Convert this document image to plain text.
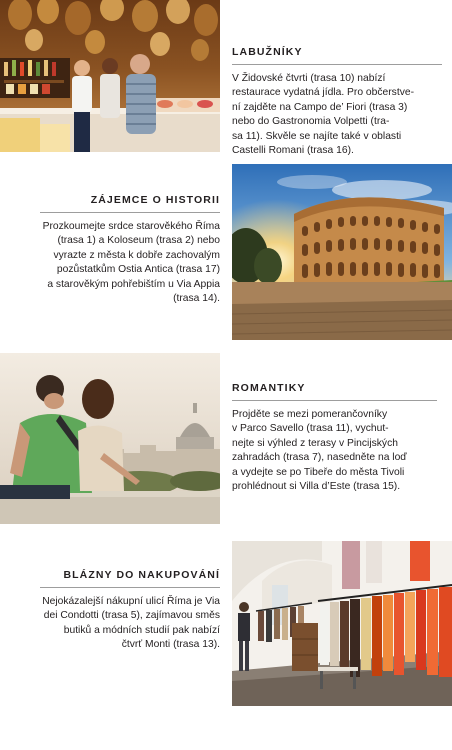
LABUŽNÍKY

V Židovské čtvrti (trasa 10) nabízí
restaurace vydatná jídla. Pro občerstve-
ní zajděte na Campo de’ Fiori (trasa 3)
nebo do Gastronomia Volpetti (tra-
sa 11). Skvěle se najíte také v oblasti
Castelli Romani (trasa 16).

ZÁJEMCE O HISTORII

Prozkoumejte srdce starověkého Říma
(trasa 1) a Koloseum (trasa 2) nebo
vyrazte z města k dobře zachovalým
pozůstatkům Ostia Antica (trasa 17)
a starověkým pohřebištím u Via Appia
(trasa 14).

ROMANTIKY

Projděte se mezi pomerančovníky
v Parco Savello (trasa 11), vychut-
nejte si výhled z terasy v Pincijských
zahradách (trasa 7), nasedněte na loď
a vydejte se po Tibeře do města Tivoli
prohlédnout si Villa d’Este (trasa 15).

BLÁZNY DO NAKUPOVÁNÍ

Nejokázalejší nákupní ulicí Říma je Via
dei Condotti (trasa 5), zajímavou směs
butiků a módních studií pak nabízí
čtvrť Monti (trasa 13).
